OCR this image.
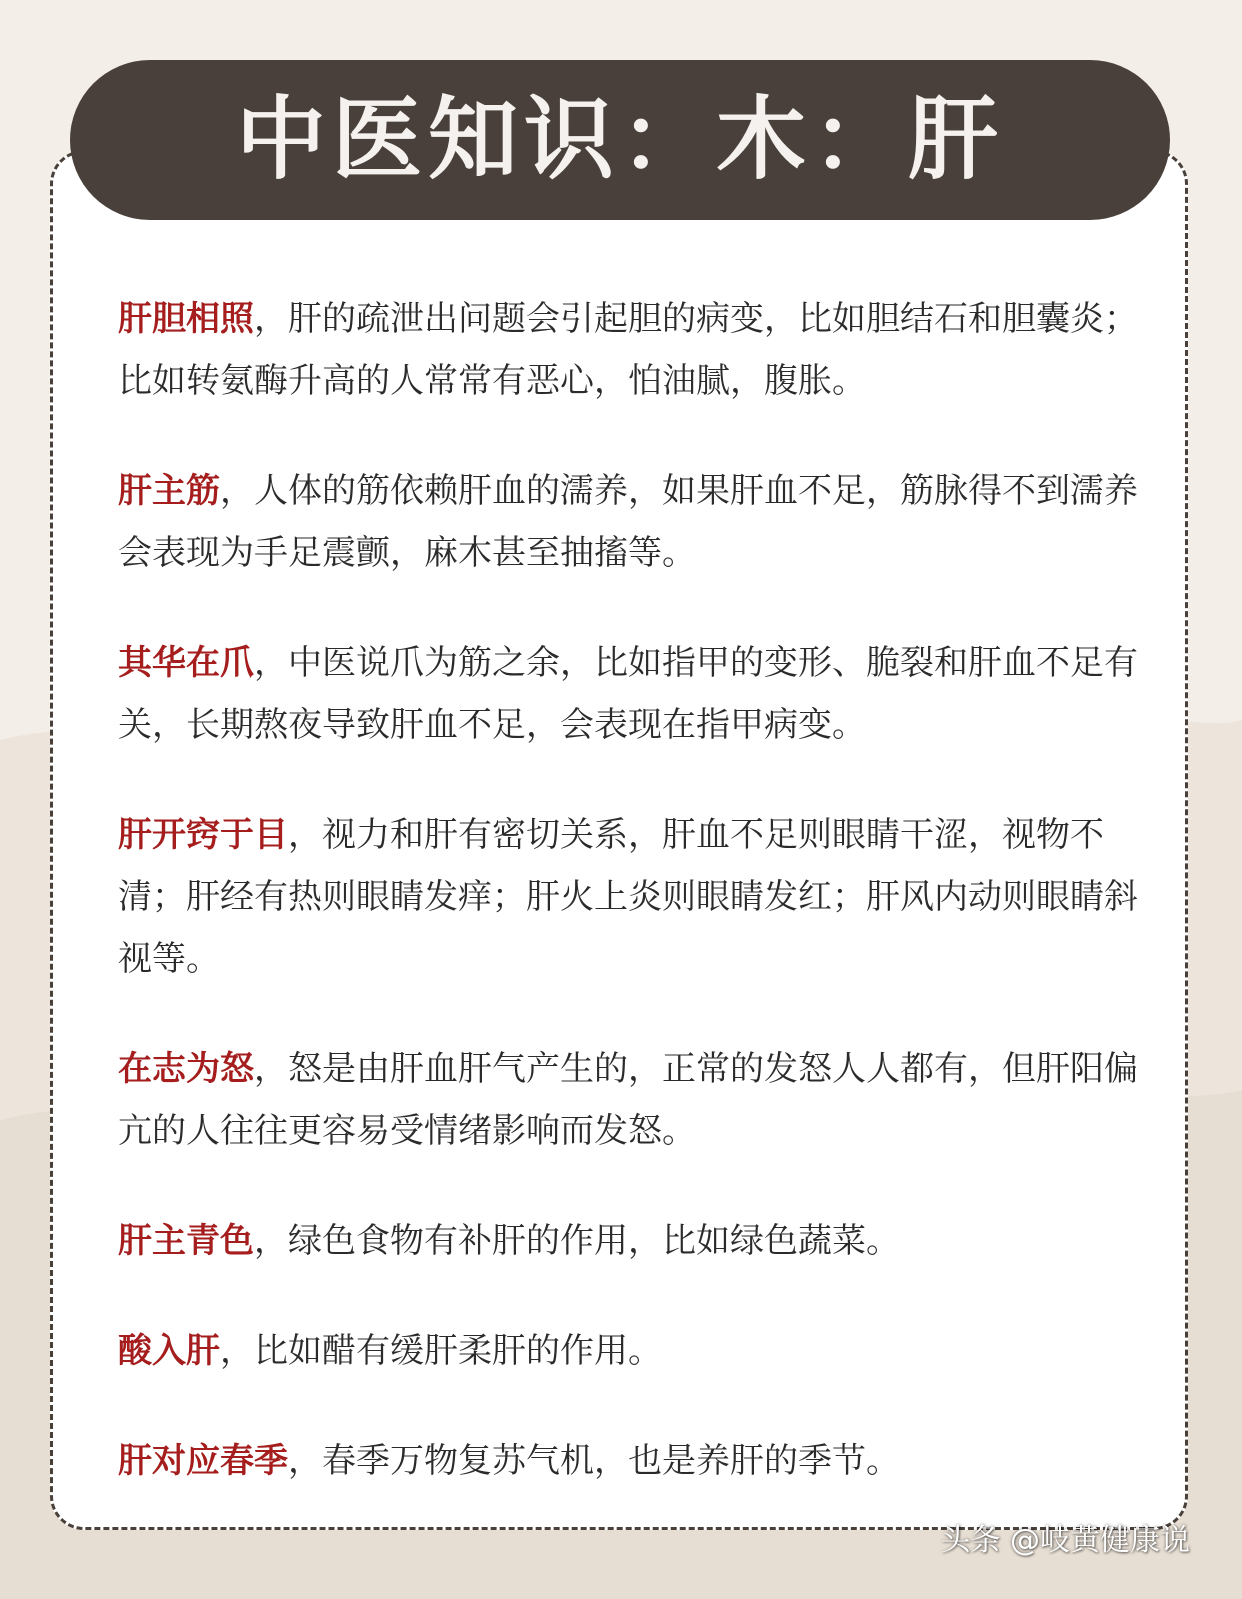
中医知识：木：肝

肝胆相照，肝的疏泄出问题会引起胆的病变，比如胆结石和胆囊炎；比如转氨酶升高的人常常有恶心，怕油腻，腹胀。

肝主筋，人体的筋依赖肝血的濡养，如果肝血不足，筋脉得不到濡养会表现为手足震颤，麻木甚至抽搐等。

其华在爪，中医说爪为筋之余，比如指甲的变形、脆裂和肝血不足有关，长期熬夜导致肝血不足，会表现在指甲病变。

肝开窍于目，视力和肝有密切关系，肝血不足则眼睛干涩，视物不清；肝经有热则眼睛发痒；肝火上炎则眼睛发红；肝风内动则眼睛斜视等。

在志为怒，怒是由肝血肝气产生的，正常的发怒人人都有，但肝阳偏亢的人往往更容易受情绪影响而发怒。

肝主青色，绿色食物有补肝的作用，比如绿色蔬菜。

酸入肝，比如醋有缓肝柔肝的作用。

肝对应春季，春季万物复苏气机，也是养肝的季节。

头条 @岐黄健康说
